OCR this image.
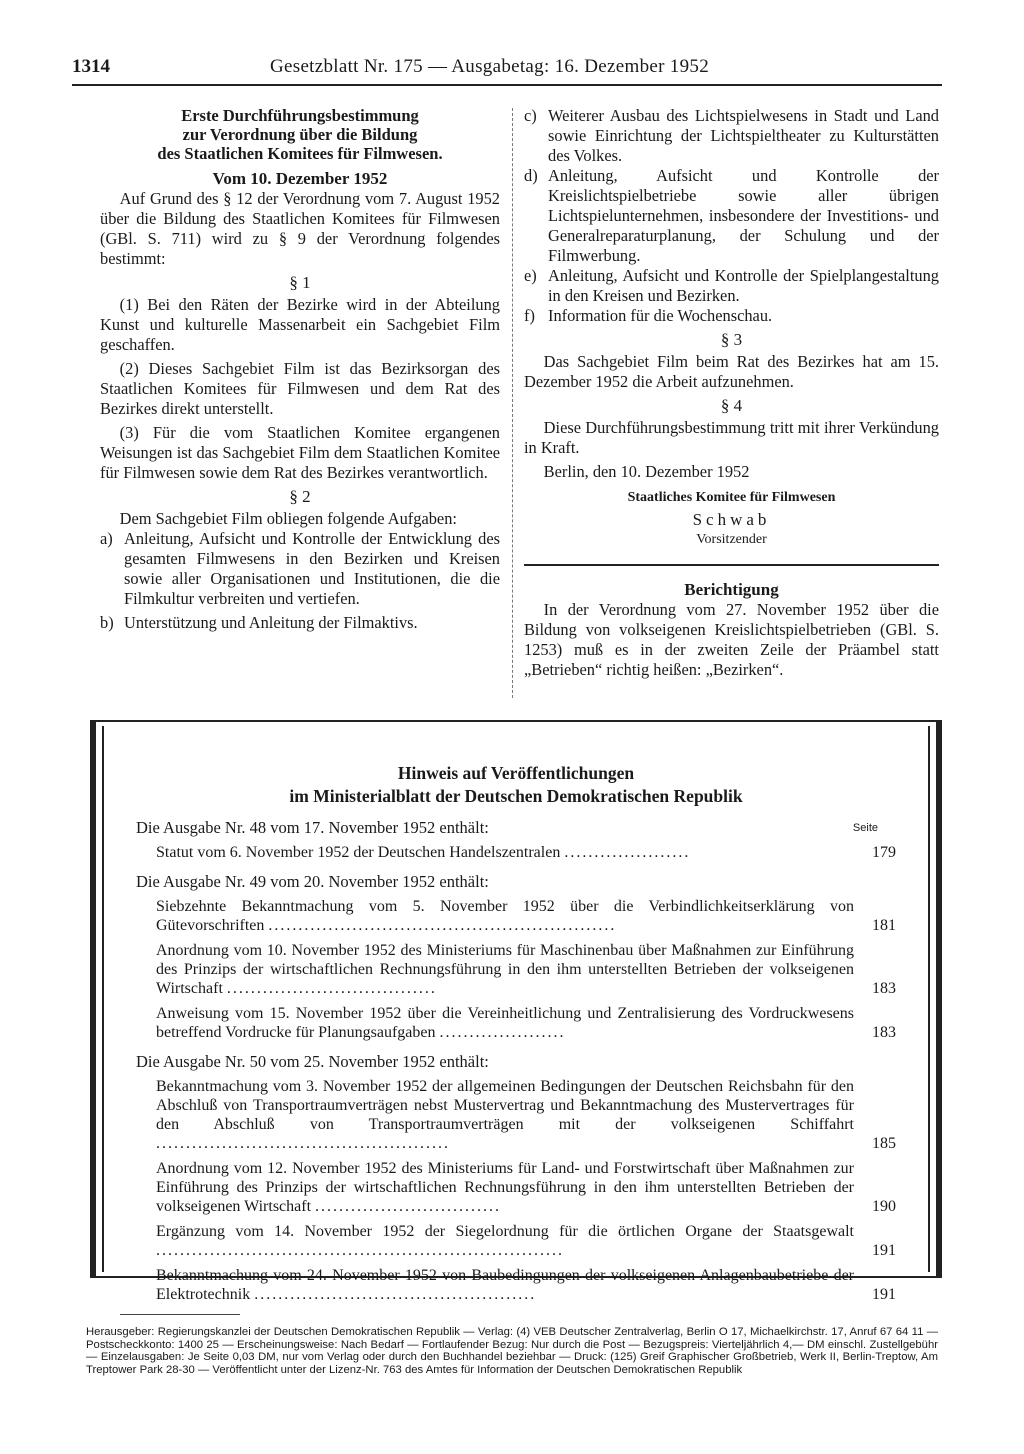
1314	Gesetzblatt Nr. 175 — Ausgabetag: 16. Dezember 1952
Erste Durchführungsbestimmung
zur Verordnung über die Bildung
des Staatlichen Komitees für Filmwesen.
Vom 10. Dezember 1952

Auf Grund des § 12 der Verordnung vom 7. August 1952 über die Bildung des Staatlichen Komitees für Filmwesen (GBl. S. 711) wird zu § 9 der Verordnung folgendes bestimmt:

§ 1

(1) Bei den Räten der Bezirke wird in der Abteilung Kunst und kulturelle Massenarbeit ein Sachgebiet Film geschaffen.

(2) Dieses Sachgebiet Film ist das Bezirksorgan des Staatlichen Komitees für Filmwesen und dem Rat des Bezirkes direkt unterstellt.

(3) Für die vom Staatlichen Komitee ergangenen Weisungen ist das Sachgebiet Film dem Staatlichen Komitee für Filmwesen sowie dem Rat des Bezirkes verantwortlich.

§ 2

Dem Sachgebiet Film obliegen folgende Aufgaben:

a) Anleitung, Aufsicht und Kontrolle der Entwicklung des gesamten Filmwesens in den Bezirken und Kreisen sowie aller Organisationen und Institutionen, die die Filmkultur verbreiten und vertiefen.
b) Unterstützung und Anleitung der Filmaktivs.
c) Weiterer Ausbau des Lichtspielwesens in Stadt und Land sowie Einrichtung der Lichtspieltheater zu Kulturstätten des Volkes.
d) Anleitung, Aufsicht und Kontrolle der Kreislichtspielbetriebe sowie aller übrigen Lichtspielunternehmen, insbesondere der Investitions- und Generalreparaturplanung, der Schulung und der Filmwerbung.
e) Anleitung, Aufsicht und Kontrolle der Spielplangestaltung in den Kreisen und Bezirken.
f) Information für die Wochenschau.
§ 3

Das Sachgebiet Film beim Rat des Bezirkes hat am 15. Dezember 1952 die Arbeit aufzunehmen.

§ 4

Diese Durchführungsbestimmung tritt mit ihrer Verkündung in Kraft.

Berlin, den 10. Dezember 1952

Staatliches Komitee für Filmwesen
Schwab
Vorsitzender
Berichtigung

In der Verordnung vom 27. November 1952 über die Bildung von volkseigenen Kreislichtspielbetrieben (GBl. S. 1253) muß es in der zweiten Zeile der Präambel statt „Betrieben“ richtig heißen: „Bezirken“.

Hinweis auf Veröffentlichungen
im Ministerialblatt der Deutschen Demokratischen Republik
Seite
Die Ausgabe Nr. 48 vom 17. November 1952 enthält:
Statut vom 6. November 1952 der Deutschen Handelszentralen .....................	179
Die Ausgabe Nr. 49 vom 20. November 1952 enthält:
Siebzehnte Bekanntmachung vom 5. November 1952 über die Verbindlichkeitserklärung von Gütevorschriften ..........................................................	181
Anordnung vom 10. November 1952 des Ministeriums für Maschinenbau über Maßnahmen zur Einführung des Prinzips der wirtschaftlichen Rechnungsführung in den ihm unterstellten Betrieben der volkseigenen Wirtschaft ...................................	183
Anweisung vom 15. November 1952 über die Vereinheitlichung und Zentralisierung des Vordruckwesens betreffend Vordrucke für Planungsaufgaben .....................	183
Die Ausgabe Nr. 50 vom 25. November 1952 enthält:
Bekanntmachung vom 3. November 1952 der allgemeinen Bedingungen der Deutschen Reichsbahn für den Abschluß von Transportraumverträgen nebst Mustervertrag und Bekanntmachung des Mustervertrages für den Abschluß von Transportraumverträgen mit der volkseigenen Schiffahrt .................................................	185
Anordnung vom 12. November 1952 des Ministeriums für Land- und Forstwirtschaft über Maßnahmen zur Einführung des Prinzips der wirtschaftlichen Rechnungsführung in den ihm unterstellten Betrieben der volkseigenen Wirtschaft ...............................	190
Ergänzung vom 14. November 1952 der Siegelordnung für die örtlichen Organe der Staatsgewalt ....................................................................	191
Bekanntmachung vom 24. November 1952 von Baubedingungen der volkseigenen Anlagenbaubetriebe der Elektrotechnik ...............................................	191
Herausgeber: Regierungskanzlei der Deutschen Demokratischen Republik — Verlag: (4) VEB Deutscher Zentralverlag, Berlin O 17, Michaelkirchstr. 17, Anruf 67 64 11 — Postscheckkonto: 1400 25 — Erscheinungsweise: Nach Bedarf — Fortlaufender Bezug: Nur durch die Post — Bezugspreis: Vierteljährlich 4,— DM einschl. Zustellgebühr — Einzelausgaben: Je Seite 0,03 DM, nur vom Verlag oder durch den Buchhandel beziehbar — Druck: (125) Greif Graphischer Großbetrieb, Werk II, Berlin-Treptow, Am Treptower Park 28-30 — Veröffentlicht unter der Lizenz-Nr. 763 des Amtes für Information der Deutschen Demokratischen Republik
